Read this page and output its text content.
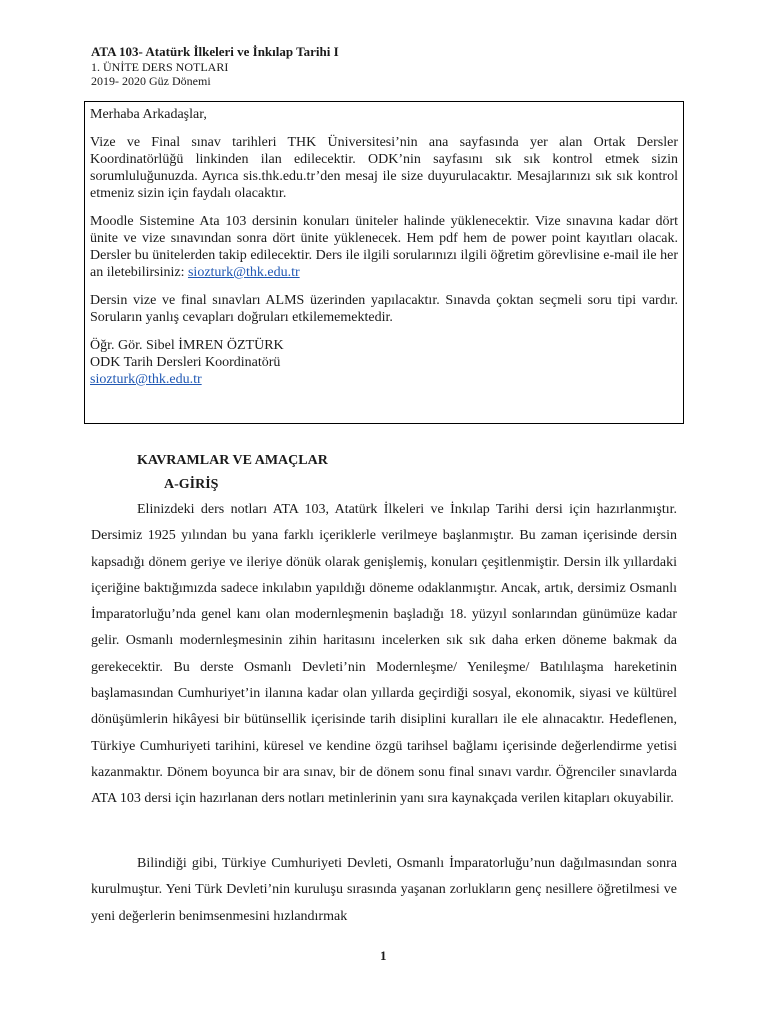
ATA 103- Atatürk İlkeleri ve İnkılap Tarihi I
1. ÜNİTE DERS NOTLARI
2019- 2020 Güz Dönemi

Merhaba Arkadaşlar,

Vize ve Final sınav tarihleri THK Üniversitesi’nin ana sayfasında yer alan Ortak Dersler Koordinatörlüğü linkinden ilan edilecektir. ODK’nin sayfasını sık sık kontrol etmek sizin sorumluluğunuzda. Ayrıca sis.thk.edu.tr’den mesaj ile size duyurulacaktır. Mesajlarınızı sık sık kontrol etmeniz sizin için faydalı olacaktır.

Moodle Sistemine Ata 103 dersinin konuları üniteler halinde yüklenecektir. Vize sınavına kadar dört ünite ve vize sınavından sonra dört ünite yüklenecek. Hem pdf hem de power point kayıtları olacak. Dersler bu ünitelerden takip edilecektir. Ders ile ilgili sorularınızı ilgili öğretim görevlisine e-mail ile her an iletebilirsiniz: siozturk@thk.edu.tr

Dersin vize ve final sınavları ALMS üzerinden yapılacaktır. Sınavda çoktan seçmeli soru tipi vardır. Soruların yanlış cevapları doğruları etkilememektedir.

Öğr. Gör. Sibel İMREN ÖZTÜRK

ODK Tarih Dersleri Koordinatörü

siozturk@thk.edu.tr

KAVRAMLAR VE AMAÇLAR
A-GİRİŞ

Elinizdeki ders notları ATA 103, Atatürk İlkeleri ve İnkılap Tarihi dersi için hazırlanmıştır. Dersimiz 1925 yılından bu yana farklı içeriklerle verilmeye başlanmıştır. Bu zaman içerisinde dersin kapsadığı dönem geriye ve ileriye dönük olarak genişlemiş, konuları çeşitlenmiştir. Dersin ilk yıllardaki içeriğine baktığımızda sadece inkılabın yapıldığı döneme odaklanmıştır. Ancak, artık, dersimiz Osmanlı İmparatorluğu’nda genel kanı olan modernleşmenin başladığı 18. yüzyıl sonlarından günümüze kadar gelir. Osmanlı modernleşmesinin zihin haritasını incelerken sık sık daha erken döneme bakmak da gerekecektir. Bu derste Osmanlı Devleti’nin Modernleşme/ Yenileşme/ Batılılaşma hareketinin başlamasından Cumhuriyet’in ilanına kadar olan yıllarda geçirdiği sosyal, ekonomik, siyasi ve kültürel dönüşümlerin hikâyesi bir bütünsellik içerisinde tarih disiplini kuralları ile ele alınacaktır. Hedeflenen, Türkiye Cumhuriyeti tarihini, küresel ve kendine özgü tarihsel bağlamı içerisinde değerlendirme yetisi kazanmaktır. Dönem boyunca bir ara sınav, bir de dönem sonu final sınavı vardır. Öğrenciler sınavlarda ATA 103 dersi için hazırlanan ders notları metinlerinin yanı sıra kaynakçada verilen kitapları okuyabilir.

Bilindiği gibi, Türkiye Cumhuriyeti Devleti, Osmanlı İmparatorluğu’nun dağılmasından sonra kurulmuştur. Yeni Türk Devleti’nin kuruluşu sırasında yaşanan zorlukların genç nesillere öğretilmesi ve yeni değerlerin benimsenmesini hızlandırmak

1
